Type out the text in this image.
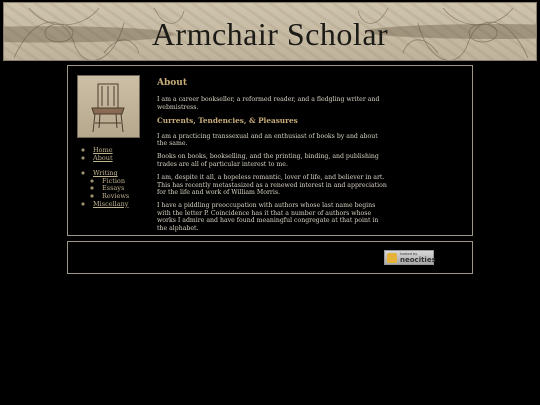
Armchair Scholar
◦ Home
◦ About
◦ Writing
◦ Fiction
◦ Essays
◦ Reviews
◦ Miscellany
About

I am a career bookseller, a reformed reader, and a fledgling writer and webmistress.

Currents, Tendencies, & Pleasures

I am a practicing transsexual and an enthusiast of books by and about the same.

Books on books, bookselling, and the printing, binding, and publishing trades are all of particular interest to me.

I am, despite it all, a hopeless romantic, lover of life, and believer in art. This has recently metastasized as a renewed interest in and appreciation for the life and work of William Morris.

I have a piddling preoccupation with authors whose last name begins with the letter P. Coincidence has it that a number of authors whose works I admire and have found meaningful congregate at that point in the alphabet.

hosted by
neocities
